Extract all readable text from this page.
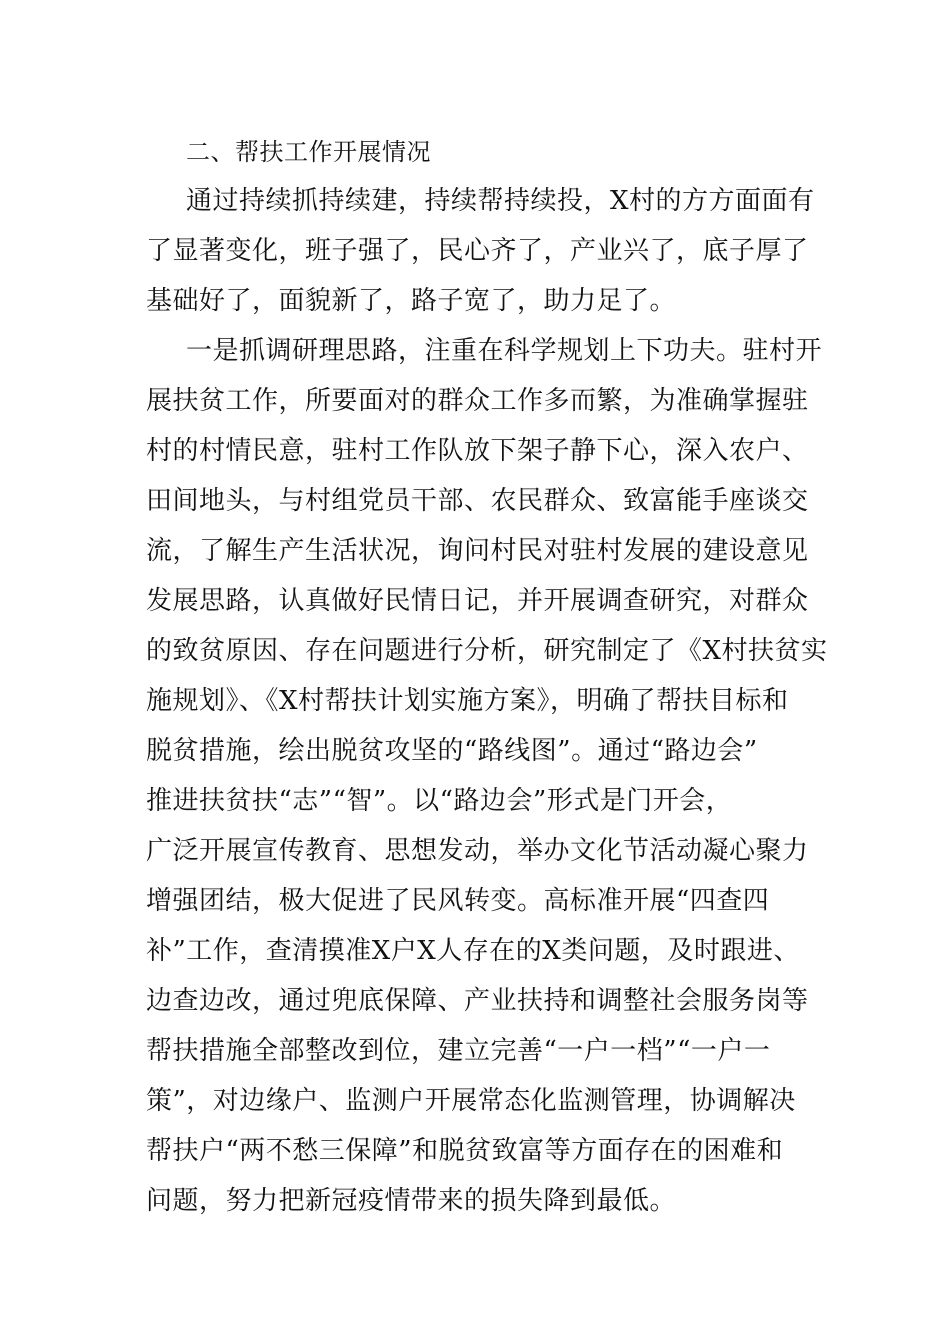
二、帮扶工作开展情况
通过持续抓持续建，持续帮持续投，X村的方方面面有
了显著变化，班子强了，民心齐了，产业兴了，底子厚了
基础好了，面貌新了，路子宽了，助力足了。
一是抓调研理思路，注重在科学规划上下功夫。驻村开
展扶贫工作，所要面对的群众工作多而繁，为准确掌握驻
村的村情民意，驻村工作队放下架子静下心，深入农户、
田间地头，与村组党员干部、农民群众、致富能手座谈交
流，了解生产生活状况，询问村民对驻村发展的建设意见
发展思路，认真做好民情日记，并开展调查研究，对群众
的致贫原因、存在问题进行分析，研究制定了《X村扶贫实
施规划》、《X村帮扶计划实施方案》，明确了帮扶目标和
脱贫措施，绘出脱贫攻坚的“路线图”。通过“路边会”
推进扶贫扶“志”“智”。以“路边会”形式是门开会，
广泛开展宣传教育、思想发动，举办文化节活动凝心聚力
增强团结，极大促进了民风转变。高标准开展“四查四
补”工作，查清摸准X户X人存在的X类问题，及时跟进、
边查边改，通过兜底保障、产业扶持和调整社会服务岗等
帮扶措施全部整改到位，建立完善“一户一档”“一户一
策”，对边缘户、监测户开展常态化监测管理，协调解决
帮扶户“两不愁三保障”和脱贫致富等方面存在的困难和
问题，努力把新冠疫情带来的损失降到最低。
